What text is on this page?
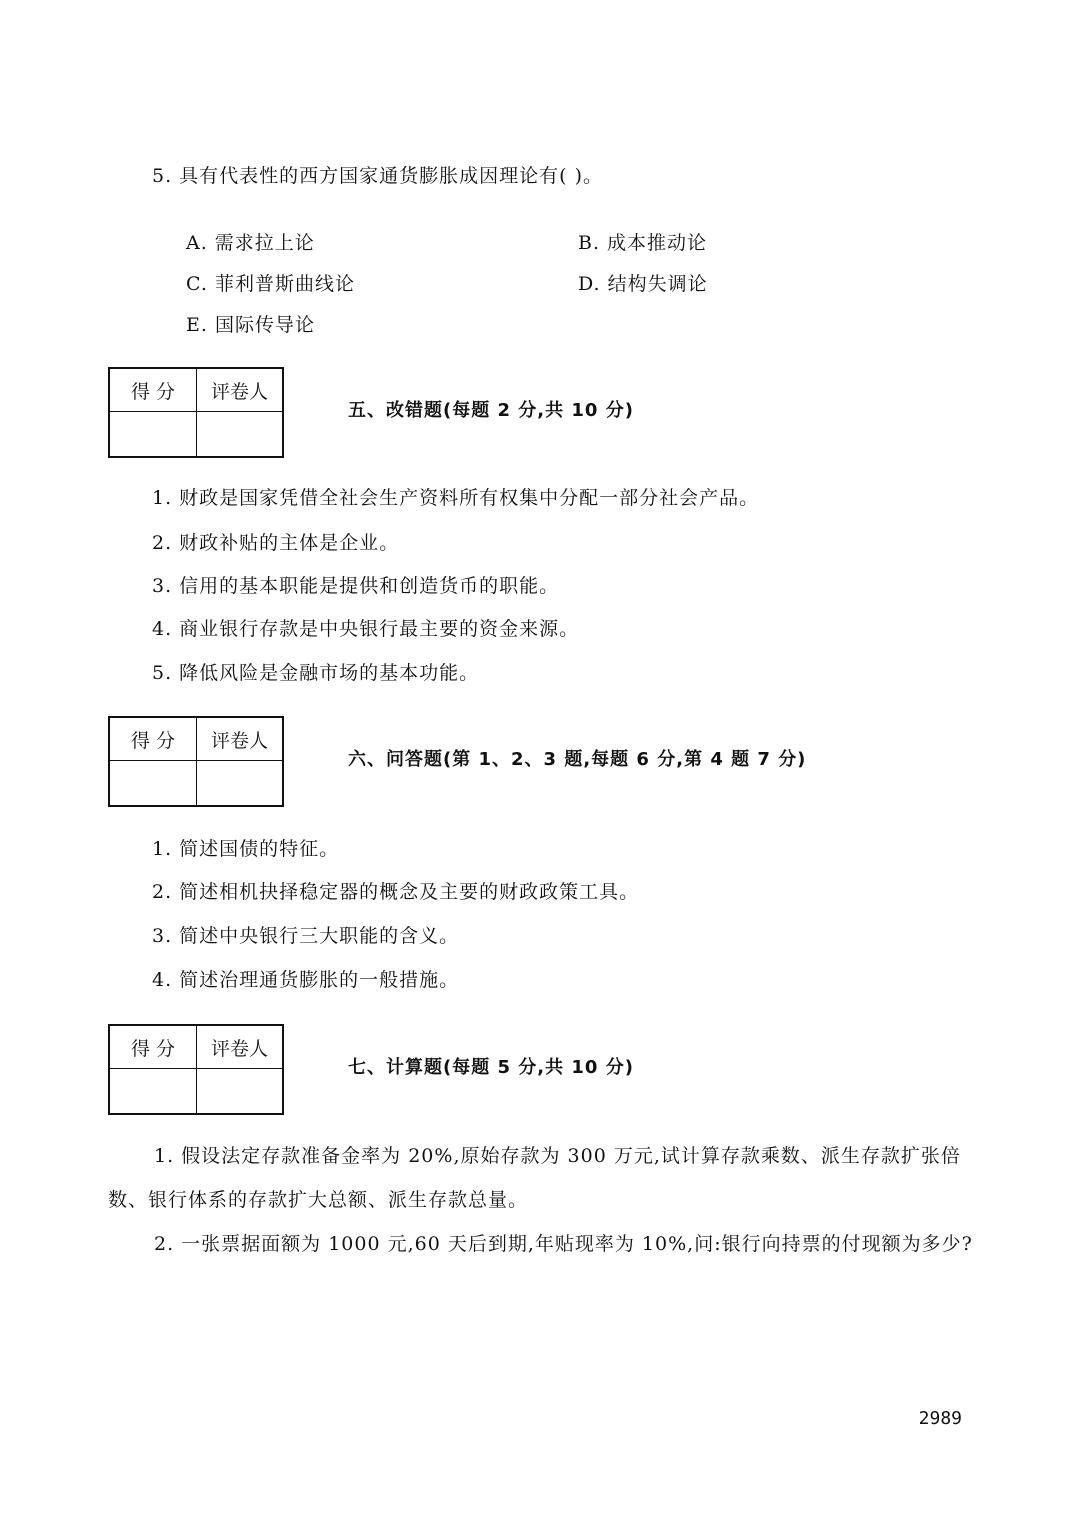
5. 具有代表性的西方国家通货膨胀成因理论有( )。
A. 需求拉上论	B. 成本推动论
C. 菲利普斯曲线论	D. 结构失调论
E. 国际传导论
得 分	评卷人

五、改错题(每题 2 分,共 10 分)
1. 财政是国家凭借全社会生产资料所有权集中分配一部分社会产品。
2. 财政补贴的主体是企业。
3. 信用的基本职能是提供和创造货币的职能。
4. 商业银行存款是中央银行最主要的资金来源。
5. 降低风险是金融市场的基本功能。
得 分	评卷人

六、问答题(第 1、2、3 题,每题 6 分,第 4 题 7 分)
1. 简述国债的特征。
2. 简述相机抉择稳定器的概念及主要的财政政策工具。
3. 简述中央银行三大职能的含义。
4. 简述治理通货膨胀的一般措施。
得 分	评卷人

七、计算题(每题 5 分,共 10 分)
1. 假设法定存款准备金率为 20%,原始存款为 300 万元,试计算存款乘数、派生存款扩张倍数、银行体系的存款扩大总额、派生存款总量。
2. 一张票据面额为 1000 元,60 天后到期,年贴现率为 10%,问:银行向持票的付现额为多少?
2989
